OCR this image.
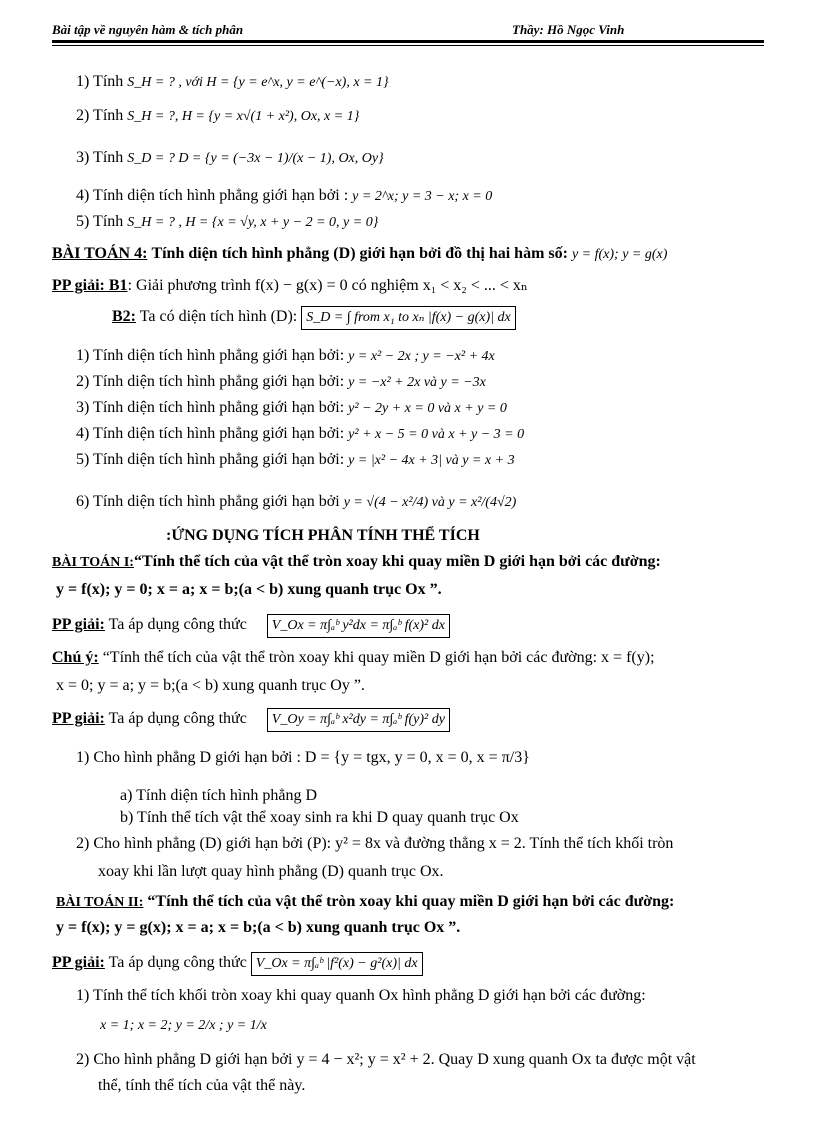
Bài tập về nguyên hàm & tích phân	Thầy: Hồ Ngọc Vinh
1) Tính S_H = ? , với H = {y = e^x, y = e^(−x), x = 1}
2) Tính S_H = ?, H = {y = x√(1 + x²), Ox, x = 1}
3) Tính S_D = ? D = {y = (−3x − 1)/(x − 1), Ox, Oy}
4) Tính diện tích hình phẳng giới hạn bởi : y = 2^x; y = 3 − x; x = 0
5) Tính S_H = ? , H = {x = √y, x + y − 2 = 0, y = 0}
BÀI TOÁN 4: Tính diện tích hình phẳng (D) giới hạn bởi đồ thị hai hàm số: y = f(x); y = g(x)
PP giải: B1: Giải phương trình f(x) − g(x) = 0 có nghiệm x₁ < x₂ < ... < xₙ
B2: Ta có diện tích hình (D): S_D = ∫ from x₁ to xₙ |f(x) − g(x)| dx
1) Tính diện tích hình phẳng giới hạn bởi: y = x² − 2x ; y = −x² + 4x
2) Tính diện tích hình phẳng giới hạn bởi: y = −x² + 2x và y = −3x
3) Tính diện tích hình phẳng giới hạn bởi: y² − 2y + x = 0 và x + y = 0
4) Tính diện tích hình phẳng giới hạn bởi: y² + x − 5 = 0 và x + y − 3 = 0
5) Tính diện tích hình phẳng giới hạn bởi: y = |x² − 4x + 3| và y = x + 3
6) Tính diện tích hình phẳng giới hạn bởi y = √(4 − x²/4) và y = x²/(4√2)
:ỨNG DỤNG TÍCH PHÂN TÍNH THỂ TÍCH
BÀI TOÁN I:“Tính thể tích của vật thể tròn xoay khi quay miền D giới hạn bởi các đường:
y = f(x); y = 0; x = a; x = b;(a < b) xung quanh trục Ox ”.
PP giải: Ta áp dụng công thức V_Ox = π∫ₐᵇ y²dx = π∫ₐᵇ f(x)² dx
Chú ý: “Tính thể tích của vật thể tròn xoay khi quay miền D giới hạn bởi các đường: x = f(y);
x = 0; y = a; y = b;(a < b) xung quanh trục Oy ”.
PP giải: Ta áp dụng công thức V_Oy = π∫ₐᵇ x²dy = π∫ₐᵇ f(y)² dy
1) Cho hình phẳng D giới hạn bởi : D = {y = tgx, y = 0, x = 0, x = π/3}
a) Tính diện tích hình phẳng D
b) Tính thể tích vật thể xoay sinh ra khi D quay quanh trục Ox
2) Cho hình phẳng (D) giới hạn bởi (P): y² = 8x và đường thẳng x = 2. Tính thể tích khối tròn
xoay khi lần lượt quay hình phẳng (D) quanh trục Ox.
BÀI TOÁN II: “Tính thể tích của vật thể tròn xoay khi quay miền D giới hạn bởi các đường:
y = f(x); y = g(x); x = a; x = b;(a < b) xung quanh trục Ox ”.
PP giải: Ta áp dụng công thức V_Ox = π∫ₐᵇ |f²(x) − g²(x)| dx
1) Tính thể tích khối tròn xoay khi quay quanh Ox hình phẳng D giới hạn bởi các đường:
x = 1; x = 2; y = 2/x ; y = 1/x
2) Cho hình phẳng D giới hạn bởi y = 4 − x²; y = x² + 2. Quay D xung quanh Ox ta được một vật
thể, tính thể tích của vật thể này.
